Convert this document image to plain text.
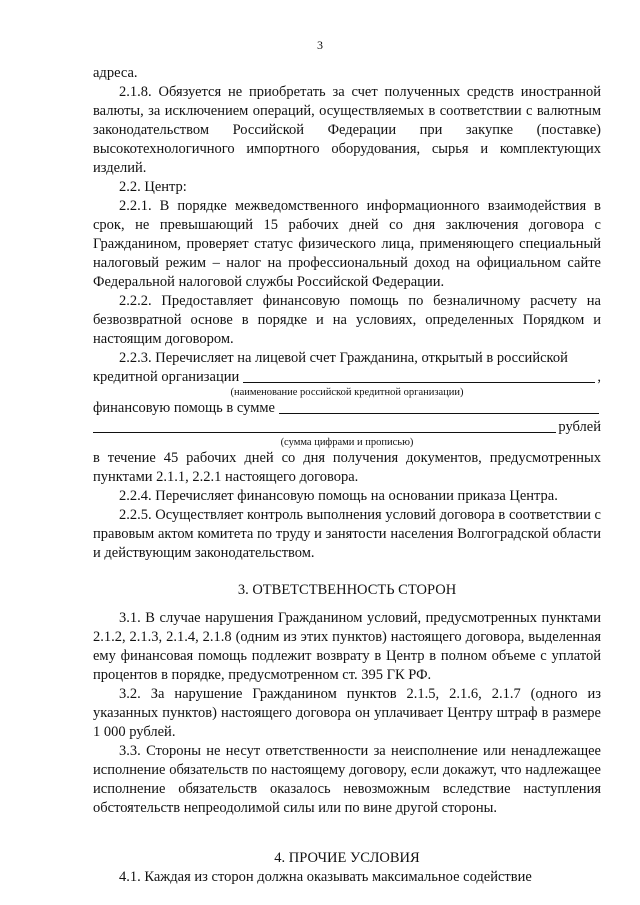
3

адреса.

2.1.8. Обязуется не приобретать за счет полученных средств иностранной валюты, за исключением операций, осуществляемых в соответствии с валютным законодательством Российской Федерации при закупке (поставке) высокотехнологичного импортного оборудования, сырья и комплектующих изделий.

2.2. Центр:

2.2.1. В порядке межведомственного информационного взаимодействия в срок, не превышающий 15 рабочих дней со дня заключения договора с Гражданином, проверяет статус физического лица, применяющего специальный налоговый режим – налог на профессиональный доход на официальном сайте Федеральной налоговой службы Российской Федерации.

2.2.2. Предоставляет финансовую помощь по безналичному расчету на безвозвратной основе в порядке и на условиях, определенных Порядком и настоящим договором.

2.2.3. Перечисляет на лицевой счет Гражданина, открытый в российской

кредитной организации	,

(наименование российской кредитной организации)

финансовую помощь в сумме
рублей

(сумма цифрами и прописью)

в течение 45 рабочих дней со дня получения документов, предусмотренных пунктами 2.1.1, 2.2.1 настоящего договора.

2.2.4. Перечисляет финансовую помощь на основании приказа Центра.

2.2.5. Осуществляет контроль выполнения условий договора в соответствии с правовым актом комитета по труду и занятости населения Волгоградской области и действующим законодательством.

3. ОТВЕТСТВЕННОСТЬ СТОРОН

3.1. В случае нарушения Гражданином условий, предусмотренных пунктами 2.1.2, 2.1.3, 2.1.4, 2.1.8 (одним из этих пунктов) настоящего договора, выделенная ему финансовая помощь подлежит возврату в Центр в полном объеме с уплатой процентов в порядке, предусмотренном ст. 395 ГК РФ.

3.2. За нарушение Гражданином пунктов 2.1.5, 2.1.6, 2.1.7 (одного из указанных пунктов) настоящего договора он уплачивает Центру штраф в размере 1 000 рублей.

3.3. Стороны не несут ответственности за неисполнение или ненадлежащее исполнение обязательств по настоящему договору, если докажут, что надлежащее исполнение обязательств оказалось невозможным вследствие наступления обстоятельств непреодолимой силы или по вине другой стороны.

4. ПРОЧИЕ УСЛОВИЯ

4.1. Каждая из сторон должна оказывать максимальное содействие
